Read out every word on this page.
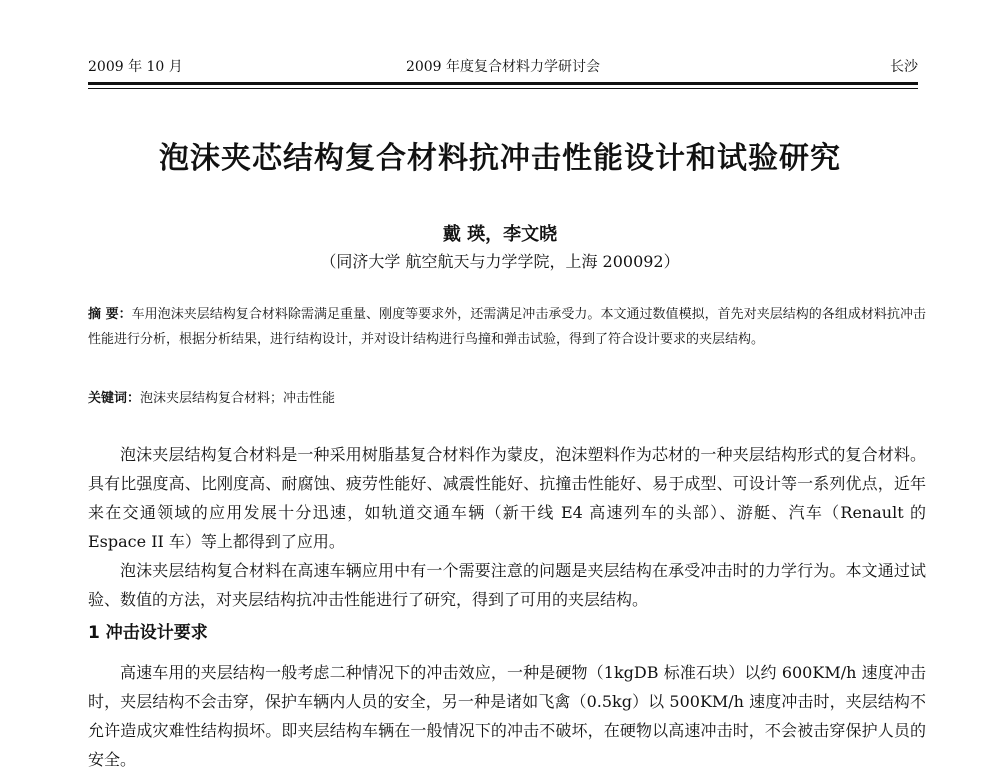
2009 年 10 月	2009 年度复合材料力学研讨会	长沙
泡沫夹芯结构复合材料抗冲击性能设计和试验研究
戴 瑛，李文晓
（同济大学 航空航天与力学学院，上海 200092）
摘 要：车用泡沫夹层结构复合材料除需满足重量、刚度等要求外，还需满足冲击承受力。本文通过数值模拟，首先对夹层结构的各组成材料抗冲击性能进行分析，根据分析结果，进行结构设计，并对设计结构进行鸟撞和弹击试验，得到了符合设计要求的夹层结构。
关键词：泡沫夹层结构复合材料；冲击性能

泡沫夹层结构复合材料是一种采用树脂基复合材料作为蒙皮，泡沫塑料作为芯材的一种夹层结构形式的复合材料。具有比强度高、比刚度高、耐腐蚀、疲劳性能好、减震性能好、抗撞击性能好、易于成型、可设计等一系列优点，近年来在交通领域的应用发展十分迅速，如轨道交通车辆（新干线 E4 高速列车的头部）、游艇、汽车（Renault 的 Espace II 车）等上都得到了应用。

泡沫夹层结构复合材料在高速车辆应用中有一个需要注意的问题是夹层结构在承受冲击时的力学行为。本文通过试验、数值的方法，对夹层结构抗冲击性能进行了研究，得到了可用的夹层结构。

1 冲击设计要求

高速车用的夹层结构一般考虑二种情况下的冲击效应，一种是硬物（1kgDB 标准石块）以约 600KM/h 速度冲击时，夹层结构不会击穿，保护车辆内人员的安全，另一种是诸如飞禽（0.5kg）以 500KM/h 速度冲击时，夹层结构不允许造成灾难性结构损坏。即夹层结构车辆在一般情况下的冲击不破坏，在硬物以高速冲击时，不会被击穿保护人员的安全。
